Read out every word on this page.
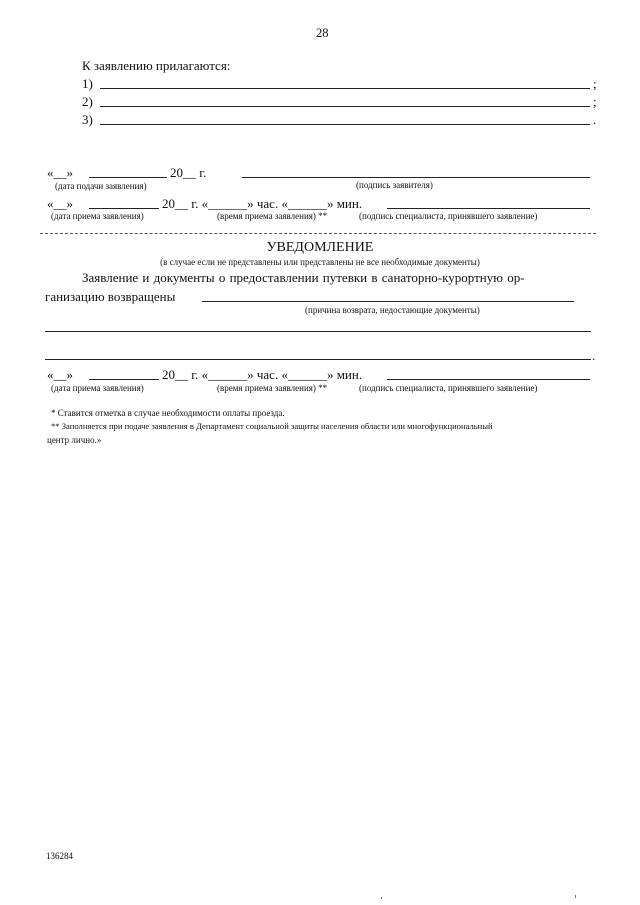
28
К заявлению прилагаются:
1)	;
2)	;
3)	.
«__»	20__ г.
(дата подачи заявления)	(подпись заявителя)
«__»	20__ г. «______» час. «______» мин.
(дата приема заявления)	(время приема заявления) **	(подпись специалиста, принявшего заявление)
УВЕДОМЛЕНИЕ
(в случае если не представлены или представлены не все необходимые документы)
Заявление и документы о предоставлении путевки в санаторно-курортную ор-
ганизацию возвращены
(причина возврата, недостающие документы)
.
«__»	20__ г. «______» час. «______» мин.
(дата приема заявления)	(время приема заявления) **	(подпись специалиста, принявшего заявление)
* Ставится отметка в случае необходимости оплаты проезда.
** Заполняется при подаче заявления в Департамент социальной защиты населения области или многофункциональный
центр лично.»
136284
